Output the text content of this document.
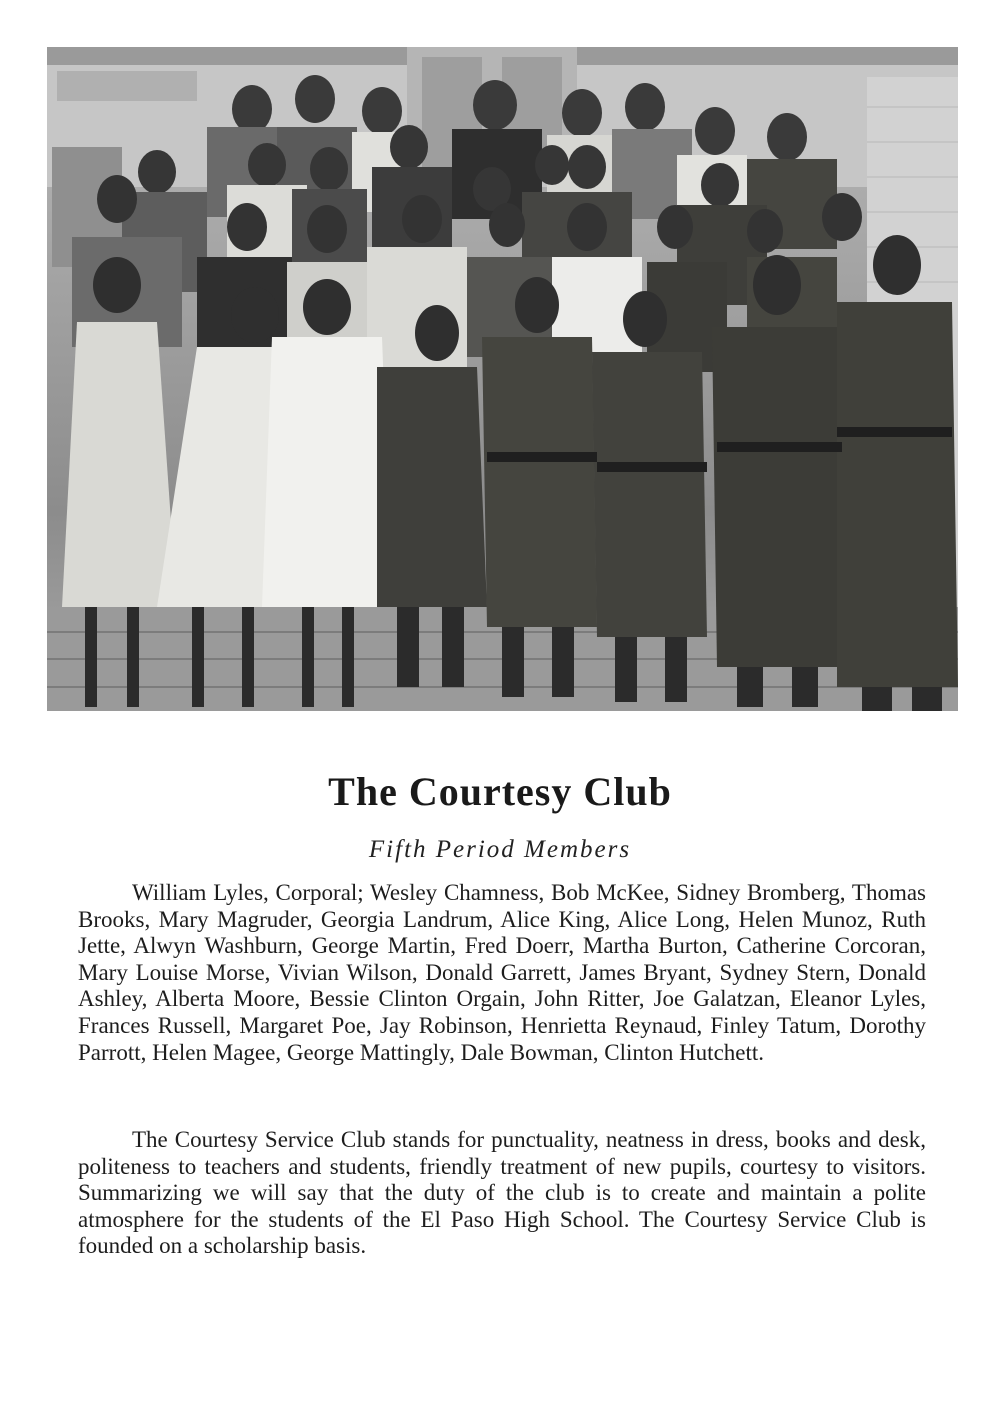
The Courtesy Club
Fifth Period Members

William Lyles, Corporal; Wesley Chamness, Bob McKee, Sidney Bromberg, Thomas Brooks, Mary Magruder, Georgia Landrum, Alice King, Alice Long, Helen Munoz, Ruth Jette, Alwyn Washburn, George Martin, Fred Doerr, Martha Burton, Catherine Corcoran, Mary Louise Morse, Vivian Wilson, Donald Garrett, James Bryant, Sydney Stern, Donald Ashley, Alberta Moore, Bessie Clinton Orgain, John Ritter, Joe Galatzan, Eleanor Lyles, Frances Russell, Margaret Poe, Jay Robinson, Henrietta Reynaud, Finley Tatum, Dorothy Parrott, Helen Magee, George Mattingly, Dale Bowman, Clinton Hutchett.

The Courtesy Service Club stands for punctuality, neatness in dress, books and desk, politeness to teachers and students, friendly treatment of new pupils, courtesy to visitors. Summarizing we will say that the duty of the club is to create and maintain a polite atmosphere for the students of the El Paso High School. The Courtesy Service Club is founded on a scholarship basis.
